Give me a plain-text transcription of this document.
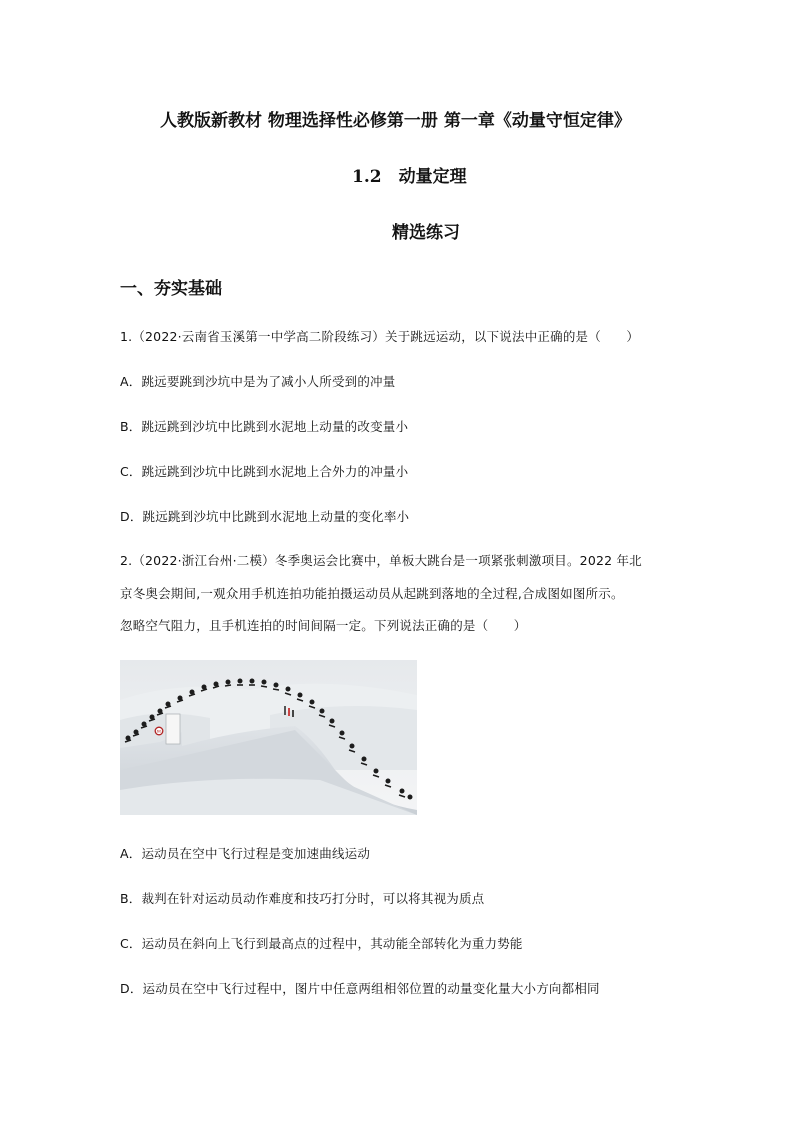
人教版新教材 物理选择性必修第一册 第一章《动量守恒定律》
1.2　动量定理
精选练习
一、夯实基础
1.（2022·云南省玉溪第一中学高二阶段练习）关于跳远运动，以下说法中正确的是（　　）
A．跳远要跳到沙坑中是为了减小人所受到的冲量
B．跳远跳到沙坑中比跳到水泥地上动量的改变量小
C．跳远跳到沙坑中比跳到水泥地上合外力的冲量小
D．跳远跳到沙坑中比跳到水泥地上动量的变化率小
2.（2022·浙江台州·二模）冬季奥运会比赛中，单板大跳台是一项紧张刺激项目。2022 年北
京冬奥会期间,一观众用手机连拍功能拍摄运动员从起跳到落地的全过程,合成图如图所示。
忽略空气阻力，且手机连拍的时间间隔一定。下列说法正确的是（　　）
60
A．运动员在空中飞行过程是变加速曲线运动
B．裁判在针对运动员动作难度和技巧打分时，可以将其视为质点
C．运动员在斜向上飞行到最高点的过程中，其动能全部转化为重力势能
D．运动员在空中飞行过程中，图片中任意两组相邻位置的动量变化量大小方向都相同
